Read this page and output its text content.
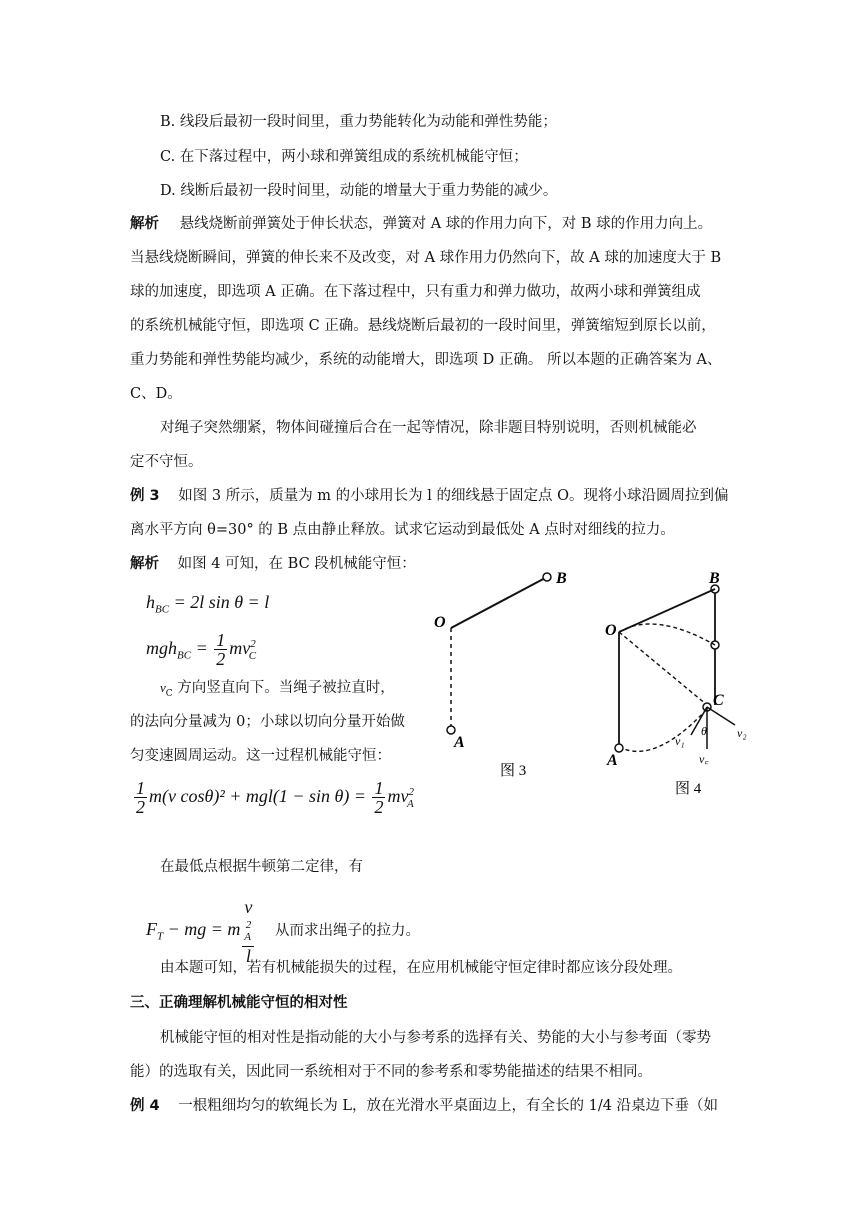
B. 线段后最初一段时间里，重力势能转化为动能和弹性势能；
C. 在下落过程中，两小球和弹簧组成的系统机械能守恒；
D. 线断后最初一段时间里，动能的增量大于重力势能的减少。
解析 悬线烧断前弹簧处于伸长状态，弹簧对 A 球的作用力向下，对 B 球的作用力向上。
当悬线烧断瞬间，弹簧的伸长来不及改变，对 A 球作用力仍然向下，故 A 球的加速度大于 B
球的加速度，即选项 A 正确。在下落过程中，只有重力和弹力做功，故两小球和弹簧组成
的系统机械能守恒，即选项 C 正确。悬线烧断后最初的一段时间里，弹簧缩短到原长以前，
重力势能和弹性势能均减少，系统的动能增大，即选项 D 正确。 所以本题的正确答案为 A、
C、D。
对绳子突然绷紧，物体间碰撞后合在一起等情况，除非题目特别说明，否则机械能必
定不守恒。
例 3 如图 3 所示，质量为 m 的小球用长为 l 的细线悬于固定点 O。现将小球沿圆周拉到偏
离水平方向 θ=30° 的 B 点由静止释放。试求它运动到最低处 A 点时对细线的拉力。
解析 如图 4 可知，在 BC 段机械能守恒：
$h_{BC} = 2l$ sin θ = l
$mgh_{BC} = \frac{1}{2} mv^2_C$
$v_C$ 方向竖直向下。当绳子被拉直时，
的法向分量减为 0；小球以切向分量开始做
匀变速圆周运动。这一过程机械能守恒：
$\frac{1}{2} m(v$ $\cos\theta)^2 + mgl(1 - \sin \theta) = \frac{1}{2} mv^2_A$
在最低点根据牛顿第二定律，有
$F_T$ − mg = m v
$^2_A$
l 从而求出绳子的拉力。
由本题可知，若有机械能损失的过程，在应用机械能守恒定律时都应该分段处理。
三、正确理解机械能守恒的相对性
机械能守恒的相对性是指动能的大小与参考系的选择有关、势能的大小与参考面（零势
能）的选取有关，因此同一系统相对于不同的参考系和零势能描述的结果不相同。
例 4 一根粗细均匀的软绳长为 L，放在光滑水平桌面边上，有全长的 1/4 沿桌边下垂（如
O
B
A
图 3
O
B
C
A
θ
v₁
v₂
v꜀
图 4
